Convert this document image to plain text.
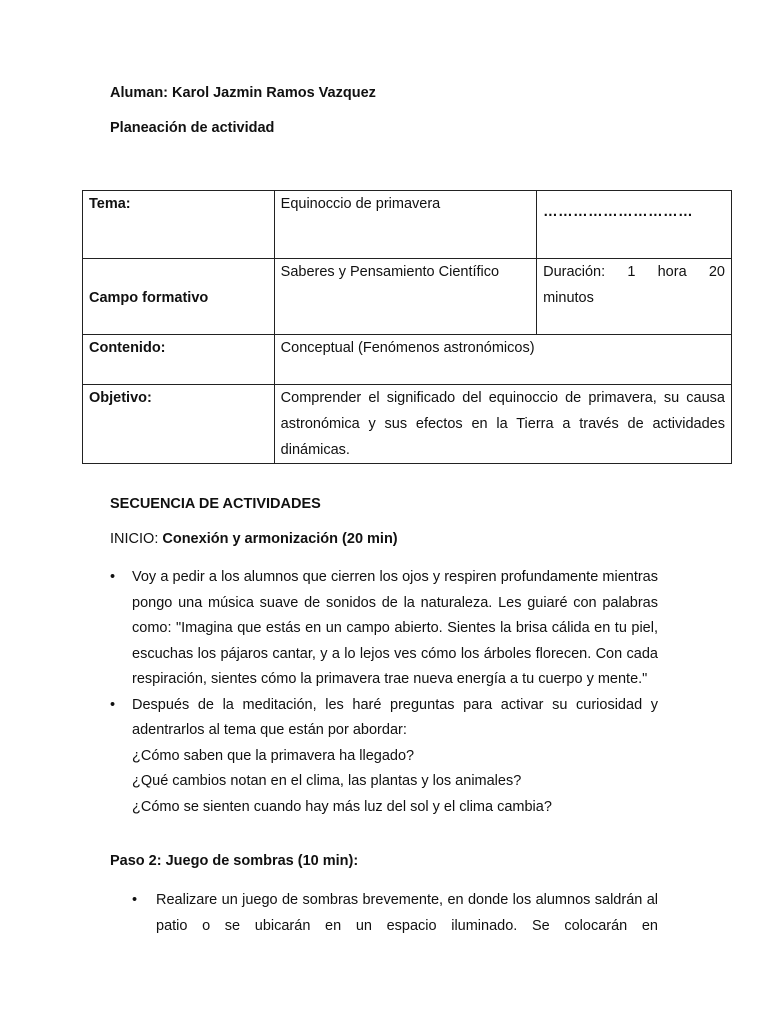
Aluman: Karol Jazmin Ramos Vazquez
Planeación de actividad
Tema:	Equinoccio de primavera	…………………………

Campo formativo	Saberes y Pensamiento Científico	Duración: 1 hora 20
minutos

Contenido:	Conceptual (Fenómenos astronómicos)	
Objetivo:	Comprender el significado del equinoccio de primavera, su causa astronómica y sus efectos en la Tierra a través de actividades dinámicas.	
SECUENCIA DE ACTIVIDADES
INICIO: Conexión y armonización (20 min)
• Voy a pedir a los alumnos que cierren los ojos y respiren profundamente mientras pongo una música suave de sonidos de la naturaleza. Les guiaré con palabras como: "Imagina que estás en un campo abierto. Sientes la brisa cálida en tu piel, escuchas los pájaros cantar, y a lo lejos ves cómo los árboles florecen. Con cada respiración, sientes cómo la primavera trae nueva energía a tu cuerpo y mente."
• Después de la meditación, les haré preguntas para activar su curiosidad y adentrarlos al tema que están por abordar:
¿Cómo saben que la primavera ha llegado?
¿Qué cambios notan en el clima, las plantas y los animales?
¿Cómo se sienten cuando hay más luz del sol y el clima cambia?
Paso 2: Juego de sombras (10 min):
• Realizare un juego de sombras brevemente, en donde los alumnos saldrán al patio o se ubicarán en un espacio iluminado. Se colocarán en
